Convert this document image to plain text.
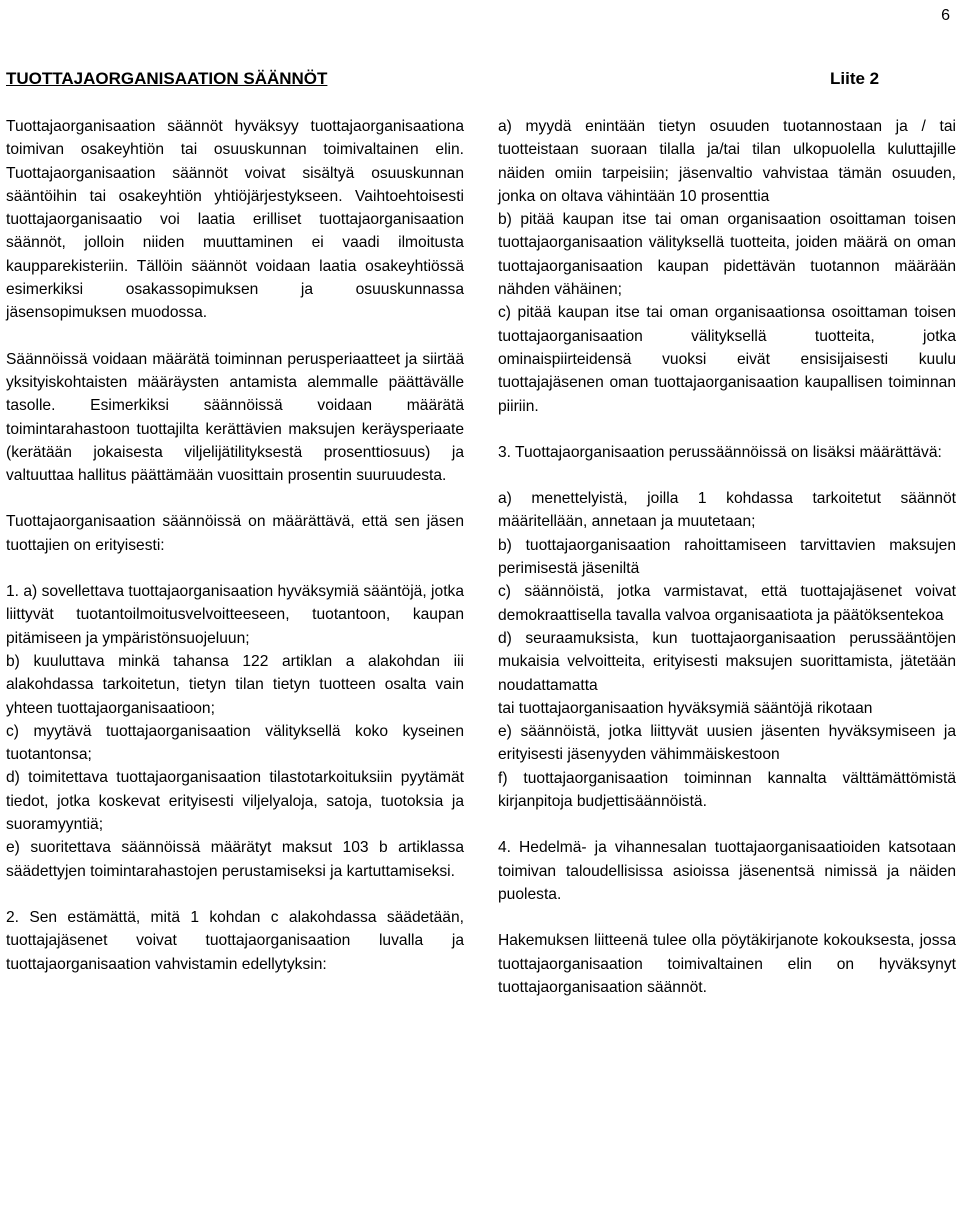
6
TUOTTAJAORGANISAATION SÄÄNNÖT	Liite 2

Tuottajaorganisaation säännöt hyväksyy tuottajaorganisaationa toimivan osakeyhtiön tai osuuskunnan toimivaltainen elin. Tuottajaorganisaation säännöt voivat sisältyä osuuskunnan sääntöihin tai osakeyhtiön yhtiöjärjestykseen. Vaihtoehtoisesti tuottajaorganisaatio voi laatia erilliset tuottajaorganisaation säännöt, jolloin niiden muuttaminen ei vaadi ilmoitusta kaupparekisteriin. Tällöin säännöt voidaan laatia osakeyhtiössä esimerkiksi osakassopimuksen ja osuuskunnassa jäsensopimuksen muodossa.

Säännöissä voidaan määrätä toiminnan perusperiaatteet ja siirtää yksityiskohtaisten määräysten antamista alemmalle päättävälle tasolle. Esimerkiksi säännöissä voidaan määrätä toimintarahastoon tuottajilta kerättävien maksujen keräysperiaate (kerätään jokaisesta viljelijätilityksestä prosenttiosuus) ja valtuuttaa hallitus päättämään vuosittain prosentin suuruudesta.

Tuottajaorganisaation säännöissä on määrättävä, että sen jäsen tuottajien on erityisesti:

1. a) sovellettava tuottajaorganisaation hyväksymiä sääntöjä, jotka liittyvät tuotantoilmoitusvelvoitteeseen, tuotantoon, kaupan pitämiseen ja ympäristönsuojeluun;

b) kuuluttava minkä tahansa 122 artiklan a alakohdan iii alakohdassa tarkoitetun, tietyn tilan tietyn tuotteen osalta vain yhteen tuottajaorganisaatioon;

c) myytävä tuottajaorganisaation välityksellä koko kyseinen tuotantonsa;

d) toimitettava tuottajaorganisaation tilastotarkoituksiin pyytämät tiedot, jotka koskevat erityisesti viljelyaloja, satoja, tuotoksia ja suoramyyntiä;

e) suoritettava säännöissä määrätyt maksut 103 b artiklassa säädettyjen toimintarahastojen perustamiseksi ja kartuttamiseksi.

2. Sen estämättä, mitä 1 kohdan c alakohdassa säädetään, tuottajajäsenet voivat tuottajaorganisaation luvalla ja tuottajaorganisaation vahvistamin edellytyksin:

a) myydä enintään tietyn osuuden tuotannostaan ja / tai tuotteistaan suoraan tilalla ja/tai tilan ulkopuolella kuluttajille näiden omiin tarpeisiin; jäsenvaltio vahvistaa tämän osuuden, jonka on oltava vähintään 10 prosenttia

b) pitää kaupan itse tai oman organisaation osoittaman toisen tuottajaorganisaation välityksellä tuotteita, joiden määrä on oman tuottajaorganisaation kaupan pidettävän tuotannon määrään nähden vähäinen;

c) pitää kaupan itse tai oman organisaationsa osoittaman toisen tuottajaorganisaation välityksellä tuotteita, jotka ominaispiirteidensä vuoksi eivät ensisijaisesti kuulu tuottajajäsenen oman tuottajaorganisaation kaupallisen toiminnan piiriin.

3. Tuottajaorganisaation perussäännöissä on lisäksi määrättävä:

a) menettelyistä, joilla 1 kohdassa tarkoitetut säännöt määritellään, annetaan ja muutetaan;

b) tuottajaorganisaation rahoittamiseen tarvittavien maksujen perimisestä jäseniltä

c) säännöistä, jotka varmistavat, että tuottajajäsenet voivat demokraattisella tavalla valvoa organisaatiota ja päätöksentekoa

d) seuraamuksista, kun tuottajaorganisaation perussääntöjen mukaisia velvoitteita, erityisesti maksujen suorittamista, jätetään noudattamatta

tai tuottajaorganisaation hyväksymiä sääntöjä rikotaan

e) säännöistä, jotka liittyvät uusien jäsenten hyväksymiseen ja erityisesti jäsenyyden vähimmäiskestoon

f) tuottajaorganisaation toiminnan kannalta välttämättömistä kirjanpitoja budjettisäännöistä.

4. Hedelmä- ja vihannesalan tuottajaorganisaatioiden katsotaan toimivan taloudellisissa asioissa jäsenentsä nimissä ja näiden puolesta.

Hakemuksen liitteenä tulee olla pöytäkirjanote kokouksesta, jossa tuottajaorganisaation toimivaltainen elin on hyväksynyt tuottajaorganisaation säännöt.
